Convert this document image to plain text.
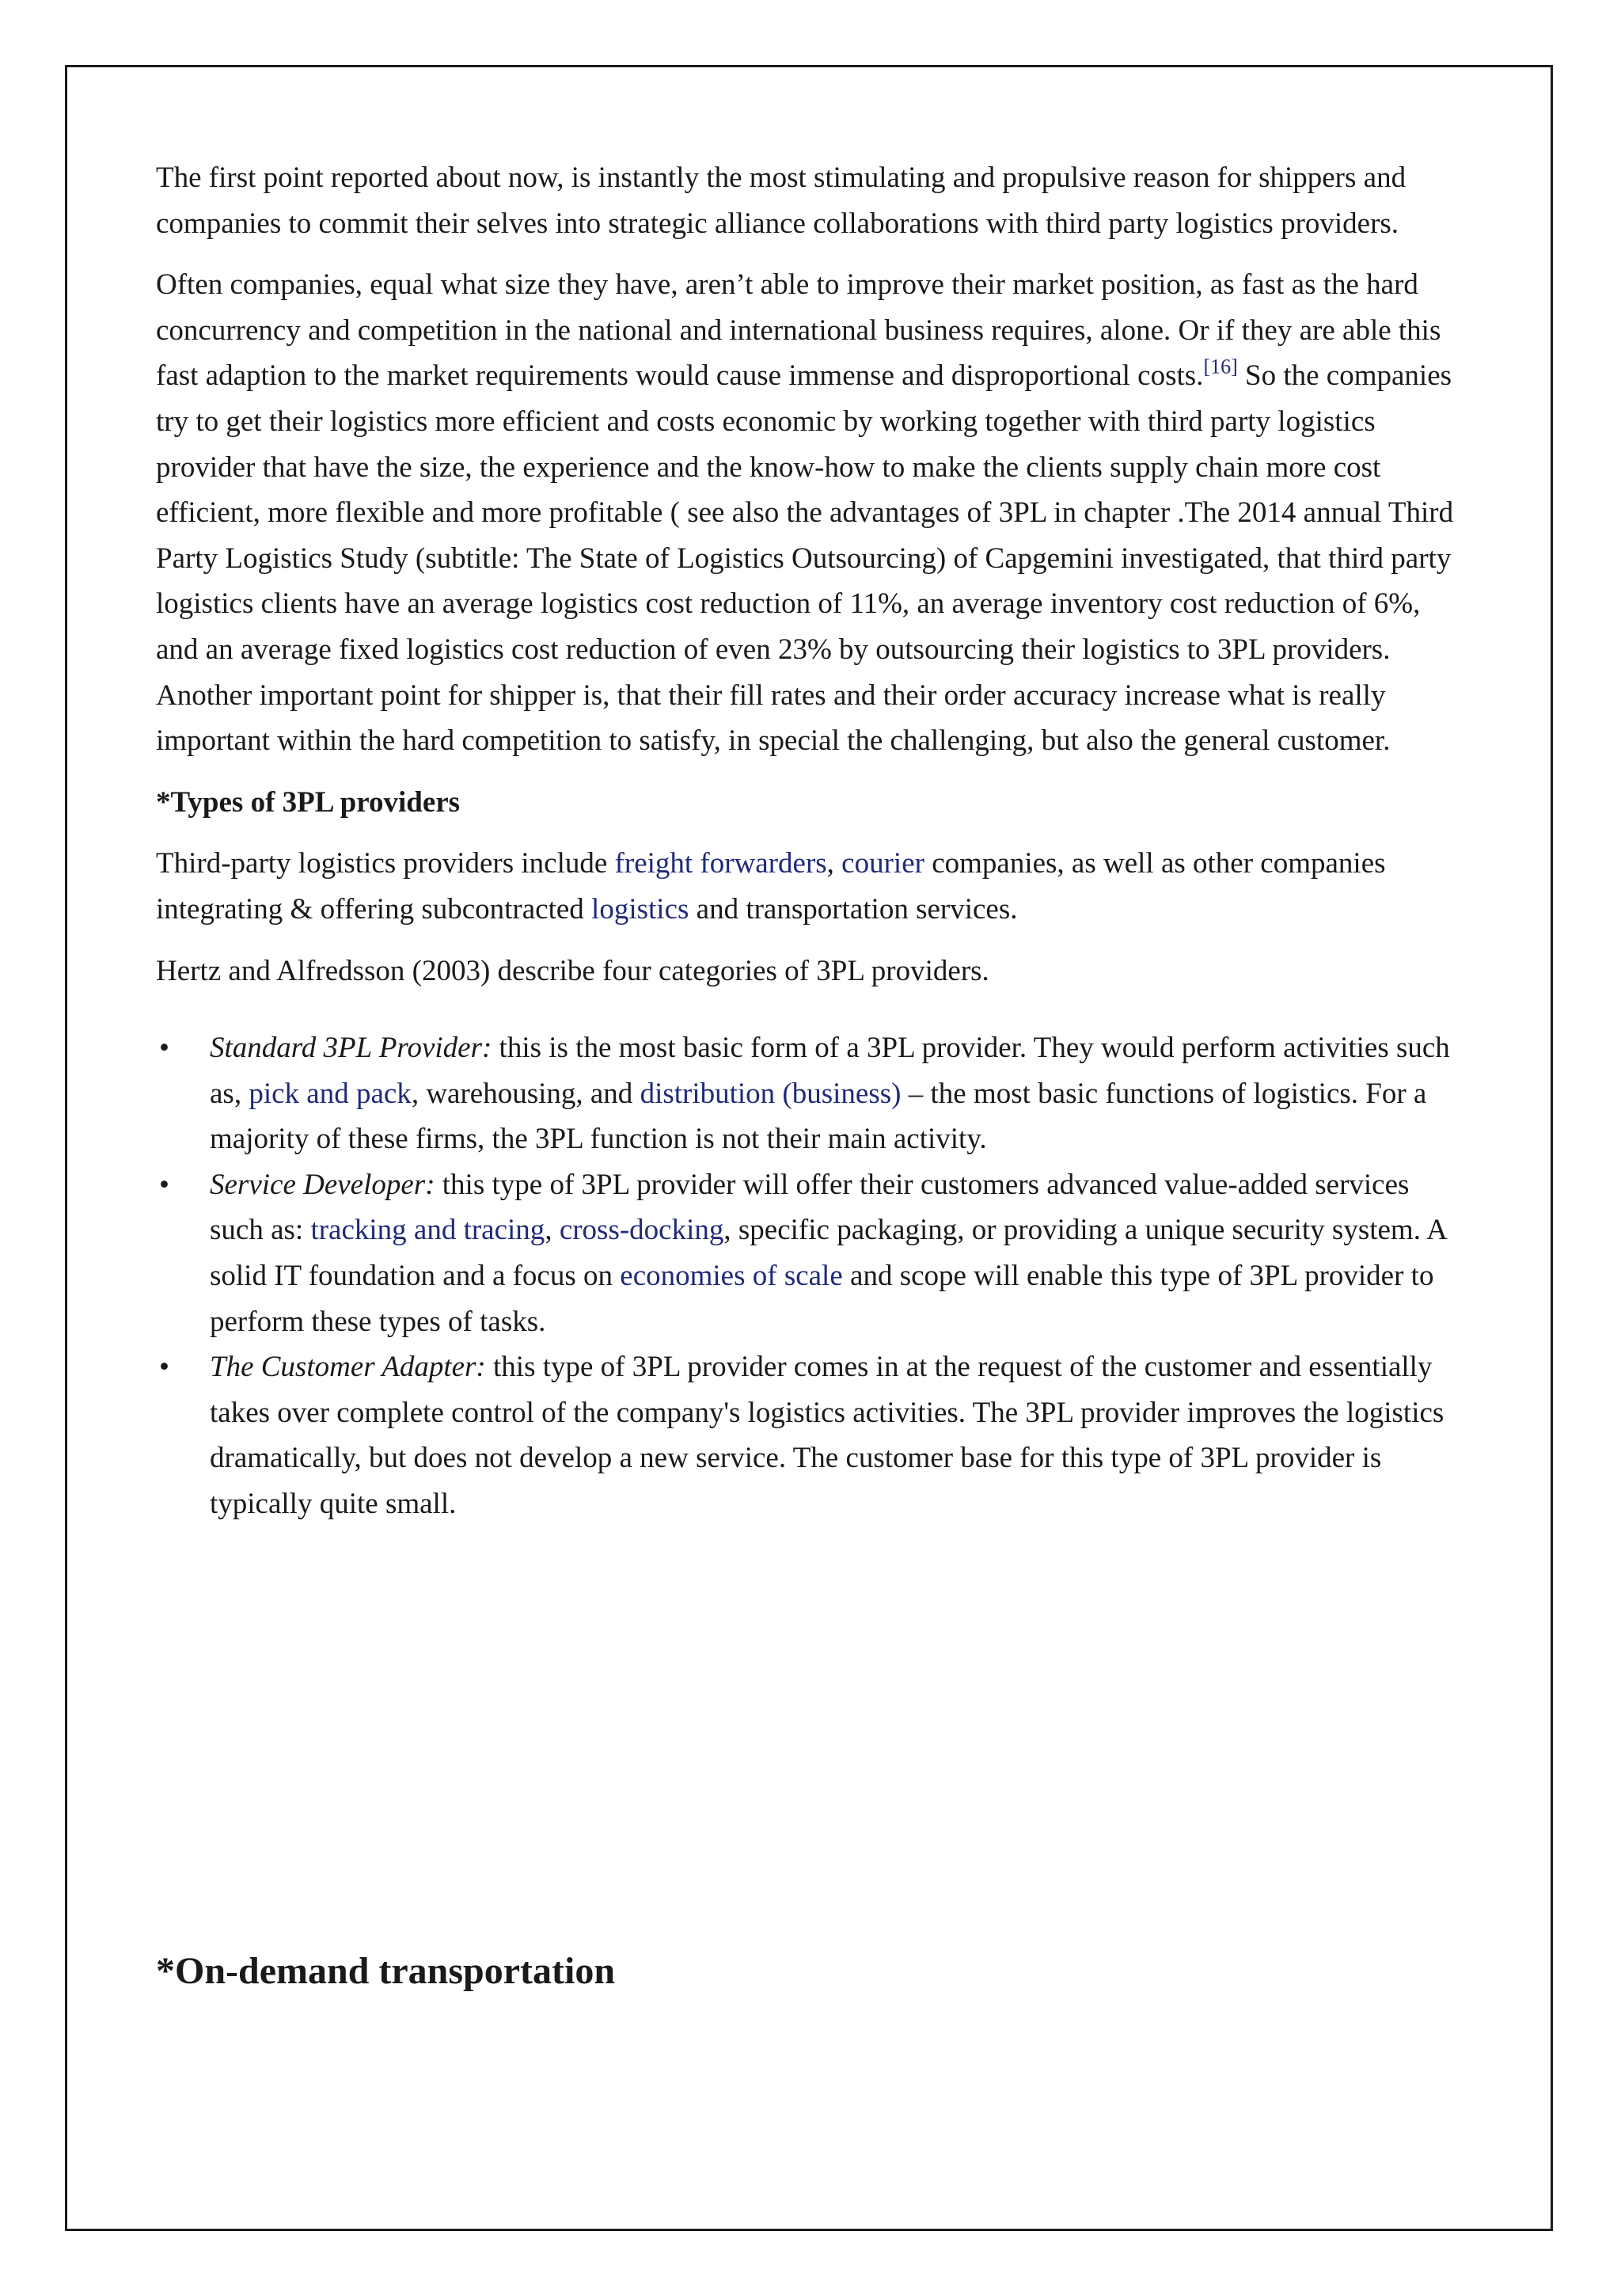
The first point reported about now, is instantly the most stimulating and propulsive reason for shippers and companies to commit their selves into strategic alliance collaborations with third party logistics providers.

Often companies, equal what size they have, aren’t able to improve their market position, as fast as the hard concurrency and competition in the national and international business requires, alone. Or if they are able this fast adaption to the market requirements would cause immense and disproportional costs.[16] So the companies try to get their logistics more efficient and costs economic by working together with third party logistics provider that have the size, the experience and the know-how to make the clients supply chain more cost efficient, more flexible and more profitable ( see also the advantages of 3PL in chapter .The 2014 annual Third Party Logistics Study (subtitle: The State of Logistics Outsourcing) of Capgemini investigated, that third party logistics clients have an average logistics cost reduction of 11%, an average inventory cost reduction of 6%, and an average fixed logistics cost reduction of even 23% by outsourcing their logistics to 3PL providers. Another important point for shipper is, that their fill rates and their order accuracy increase what is really important within the hard competition to satisfy, in special the challenging, but also the general customer.

*Types of 3PL providers

Third-party logistics providers include freight forwarders, courier companies, as well as other companies integrating & offering subcontracted logistics and transportation services.

Hertz and Alfredsson (2003) describe four categories of 3PL providers.

• Standard 3PL Provider: this is the most basic form of a 3PL provider. They would perform activities such as, pick and pack, warehousing, and distribution (business) – the most basic functions of logistics. For a majority of these firms, the 3PL function is not their main activity.
• Service Developer: this type of 3PL provider will offer their customers advanced value-added services such as: tracking and tracing, cross-docking, specific packaging, or providing a unique security system. A solid IT foundation and a focus on economies of scale and scope will enable this type of 3PL provider to perform these types of tasks.
• The Customer Adapter: this type of 3PL provider comes in at the request of the customer and essentially takes over complete control of the company's logistics activities. The 3PL provider improves the logistics dramatically, but does not develop a new service. The customer base for this type of 3PL provider is typically quite small.
*On-demand transportation
